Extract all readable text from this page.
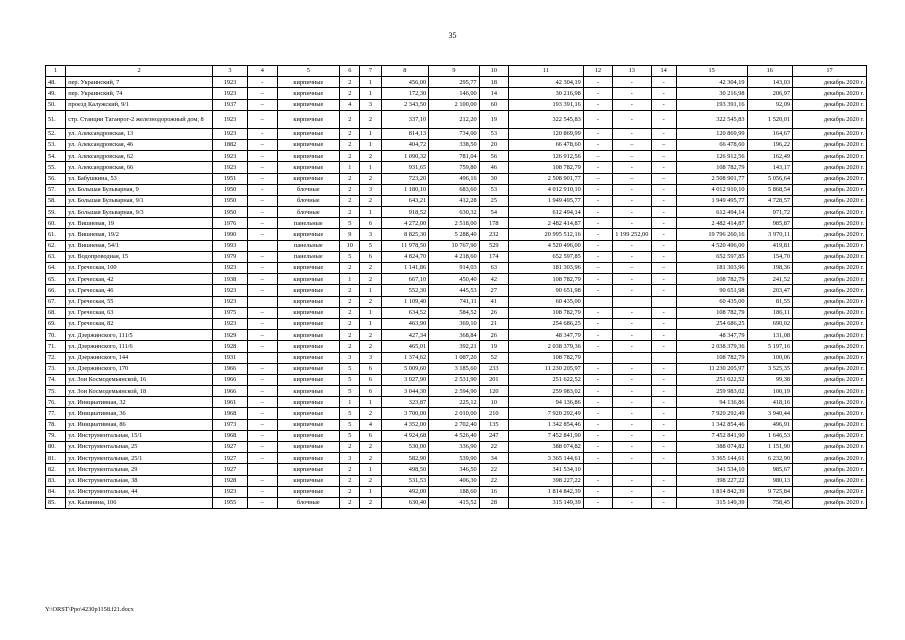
35
1	2	3	4	5	6	7	8	9	10	11	12	13	14	15	16	17
48.	пер. Украинский, 7	1923	-	кирпичные	2	1	456,00	295,77	18	42 304,19	-	-	-	42 304,19	143,03	декабрь 2020 г.
49.	пер. Украинский, 74	1923	–	кирпичные	2	1	172,30	146,00	14	30 216,98	-	-	-	30 216,98	206,97	декабрь 2020 г.
50.	проезд Калужский, 9/1	1937	–	кирпичные	4	3	2 343,50	2 100,00	60	193 391,16	-	-	-	193 391,16	92,09	декабрь 2020 г.
51.	стр. Станции Таганрог-2 железнодорожный дом, 8	1923	–	кирпичные	2	2	337,10	212,20	19	322 545,83	-	-	-	322 545,83	1 520,01	декабрь 2020 г.
52.	ул. Александровская, 13	1923	-	кирпичные	2	1	814,13	734,00	53	120 869,99	-	-	-	120 869,99	164,67	декабрь 2020 г.
53.	ул. Александровская, 46	1882	–	кирпичные	2	1	404,72	338,50	20	66 478,60	-	–	–	66 478,60	196,22	декабрь 2020 г.
54.	ул. Александровская, 62	1923	–	кирпичные	2	2	1 090,32	781,04	56	126 912,56	–	–	–	126 912,56	162,49	декабрь 2020 г.
55.	ул. Александровская, 66	1923	–	кирпичные	1	1	931,65	759,80	46	108 782,79	-	-	-	108 782,79	143,17	декабрь 2020 г.
56.	ул. Бабушкина, 53	1951	–	кирпичные	2	2	723,20	496,16	30	2 508 901,77	–	–	–	2 508 901,77	5 056,64	декабрь 2020 г.
57.	ул. Большая Бульварная, 9	1950	-	блочные	2	3	1 180,10	683,60	53	4 012 910,10	-	-	-	4 012 910,10	5 868,54	декабрь 2020 г.
58.	ул. Большая Бульварная, 9/1	1950	–	блочные	2	2	643,21	412,28	25	1 949 495,77	-	-	-	1 949 495,77	4 728,57	декабрь 2020 г.
59.	ул. Большая Бульварная, 9/3	1950	–	блочные	2	1	918,52	630,32	54	612 494,14	-	-	-	612 494,14	971,72	декабрь 2020 г.
60.	ул. Вишневая, 19	1976	–	панельные	5	6	4 272,00	2 518,00	178	2 482 414,87	-	-	-	2 482 414,87	985,87	декабрь 2020 г.
61.	ул. Вишневая, 19/2	1990	–	кирпичные	9	3	8 825,30	5 288,40	232	20 995 512,16	-	1 199 252,00	-	19 796 260,16	3 970,11	декабрь 2020 г.
62.	ул. Вишневая, 54/1	1993		панельные	10	5	11 978,50	10 767,90	529	4 520 496,00	-	-	-	4 520 496,00	419,81	декабрь 2020 г.
63.	ул. Водопроводная, 15	1979	–	панельные	5	6	4 824,70	4 218,60	174	652 597,85	-	-	-	652 597,85	154,70	декабрь 2020 г.
64.	ул. Греческая, 100	1923	–	кирпичные	2	2	1 141,86	914,03	63	181 303,96	–	–	–	181 303,96	198,36	декабрь 2020 г.
65.	ул. Греческая, 42	1938	–	кирпичные	1	2	667,10	450,40	42	108 782,79	-	-	-	108 782,79	241,52	декабрь 2020 г.
66.	ул. Греческая, 46	1923	–	кирпичные	2	1	552,30	445,53	27	90 651,98	-	-	-	90 651,98	203,47	декабрь 2020 г.
67.	ул. Греческая, 55	1923		кирпичные	2	2	1 109,40	741,11	41	60 435,00				60 435,00	81,55	декабрь 2020 г.
68.	ул. Греческая, 63	1975	–	кирпичные	2	1	634,52	584,52	26	108 782,79	-	-	-	108 782,79	186,11	декабрь 2020 г.
69.	ул. Греческая, 82	1923	–	кирпичные	2	1	463,90	369,10	21	254 686,25	-	-	-	254 686,25	690,02	декабрь 2020 г.
70.	ул. Дзержинского, 111/5	1929	–	кирпичные	2	2	427,34	368,84	26	48 347,79	-	-	-	48 347,79	131,08	декабрь 2020 г.
71.	ул. Дзержинского, 111/6	1928	–	кирпичные	2	2	465,01	392,21	19	2 038 379,36	-	-	-	2 038 379,36	5 197,16	декабрь 2020 г.
72.	ул. Дзержинского, 144	1931		кирпичные	3	3	1 374,62	1 087,20	52	108 782,79				108 782,79	100,06	декабрь 2020 г.
73.	ул. Дзержинского, 170	1966	–	кирпичные	5	6	5 009,60	3 185,60	233	11 230 205,97	-	-	-	11 230 205,97	3 525,35	декабрь 2020 г.
74.	ул. Зои Космодемьянской, 16	1966	–	кирпичные	5	6	3 027,90	2 531,90	201	251 622,52	-	-	-	251 622,52	99,38	декабрь 2020 г.
75.	ул. Зои Космодемьянской, 18	1966	–	кирпичные	5	6	3 044,30	2 594,90	120	259 983,02	-	-	-	259 983,02	100,19	декабрь 2020 г.
76.	ул. Инициативная, 32	1961	–	кирпичные	1	1	323,87	225,12	10	94 136,86	-	-	-	94 136,86	418,16	декабрь 2020 г.
77.	ул. Инициативная, 36	1968	–	кирпичные	5	2	3 700,00	2 010,00	210	7 920 292,49	-	-	-	7 920 292,49	3 940,44	декабрь 2020 г.
78.	ул. Инициативная, 86	1973	–	кирпичные	5	4	4 352,00	2 702,40	135	1 342 854,46	-	-	-	1 342 854,46	496,91	декабрь 2020 г.
79.	ул. Инструментальная, 15/1	1968	–	кирпичные	5	6	4 924,68	4 526,40	247	7 452 841,90	-	-	-	7 452 841,90	1 646,53	декабрь 2020 г.
80.	ул. Инструментальная, 25	1927	–	кирпичные	2	2	530,00	336,90	22	388 074,82	-	-	-	388 074,82	1 151,90	декабрь 2020 г.
81.	ул. Инструментальная, 25/1	1927	–	кирпичные	3	2	582,90	539,90	34	3 365 144,61	-	-	-	3 365 144,61	6 232,90	декабрь 2020 г.
82.	ул. Инструментальная, 29	1927		кирпичные	2	1	498,50	346,50	22	341 534,10				341 534,10	985,67	декабрь 2020 г.
83.	ул. Инструментальная, 38	1928	–	кирпичные	2	2	531,53	406,30	22	398 227,22	-	-	-	398 227,22	980,13	декабрь 2020 г.
84.	ул. Инструментальная, 44	1923	–	кирпичные	2	1	492,00	188,60	16	1 814 842,39	-	-	-	1 814 842,39	9 725,84	декабрь 2020 г.
85.	ул. Калинина, 106	1955	–	блочные	2	2	630,40	415,52	28	315 149,39	-	-	-	315 149,39	758,45	декабрь 2020 г.
Y:\ORST\Ppo\4230p1158.f21.docx
